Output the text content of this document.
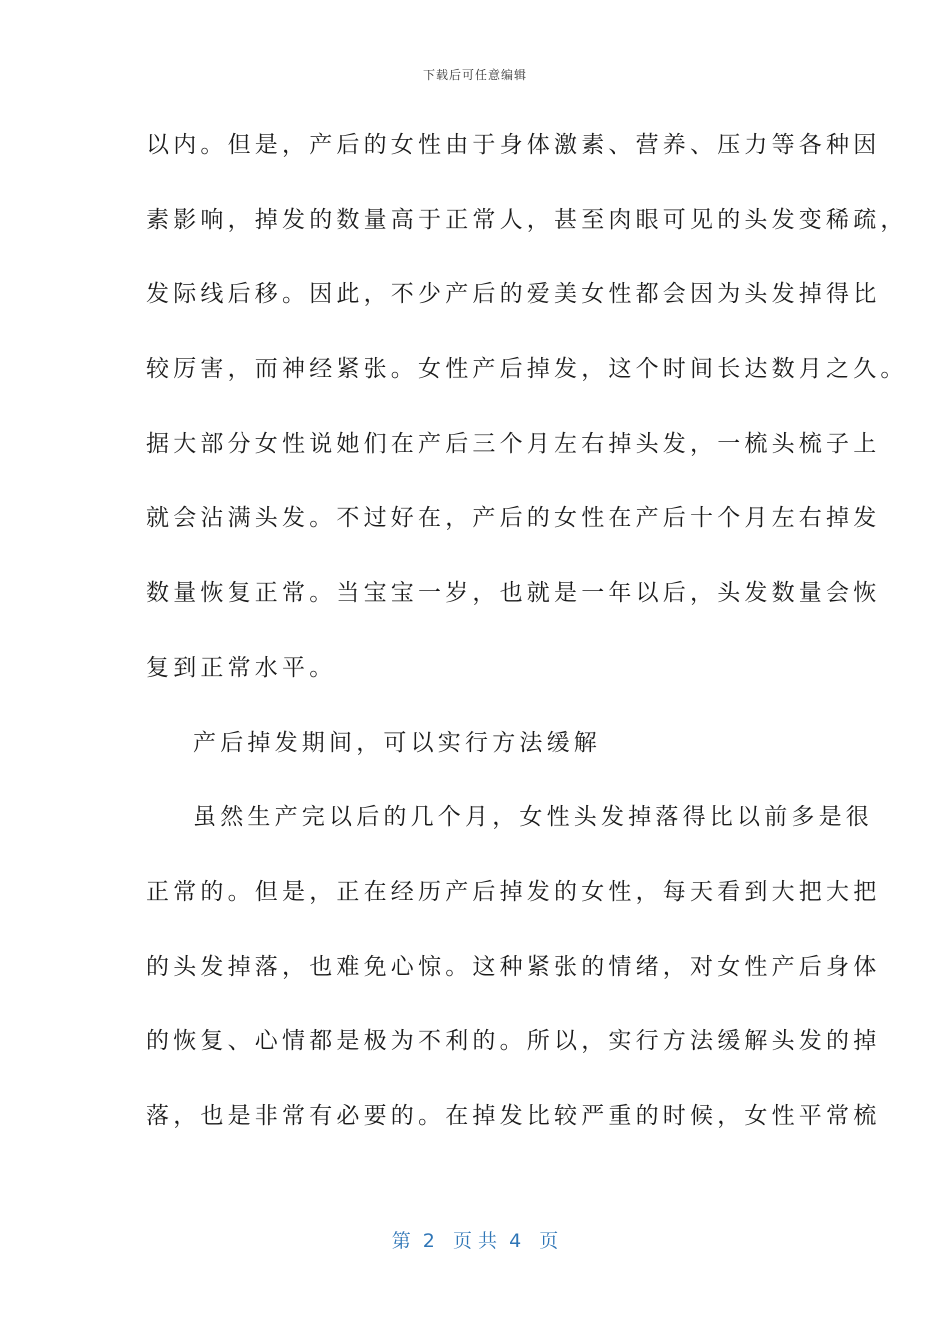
下载后可任意编辑
以内。但是，产后的女性由于身体激素、营养、压力等各种因
素影响，掉发的数量高于正常人，甚至肉眼可见的头发变稀疏，
发际线后移。因此，不少产后的爱美女性都会因为头发掉得比
较厉害，而神经紧张。女性产后掉发，这个时间长达数月之久。
据大部分女性说她们在产后三个月左右掉头发，一梳头梳子上
就会沾满头发。不过好在，产后的女性在产后十个月左右掉发
数量恢复正常。当宝宝一岁，也就是一年以后，头发数量会恢
复到正常水平。
产后掉发期间，可以实行方法缓解
虽然生产完以后的几个月，女性头发掉落得比以前多是很
正常的。但是，正在经历产后掉发的女性，每天看到大把大把
的头发掉落，也难免心惊。这种紧张的情绪，对女性产后身体
的恢复、心情都是极为不利的。所以，实行方法缓解头发的掉
落，也是非常有必要的。在掉发比较严重的时候，女性平常梳
第  2   页 共  4   页
